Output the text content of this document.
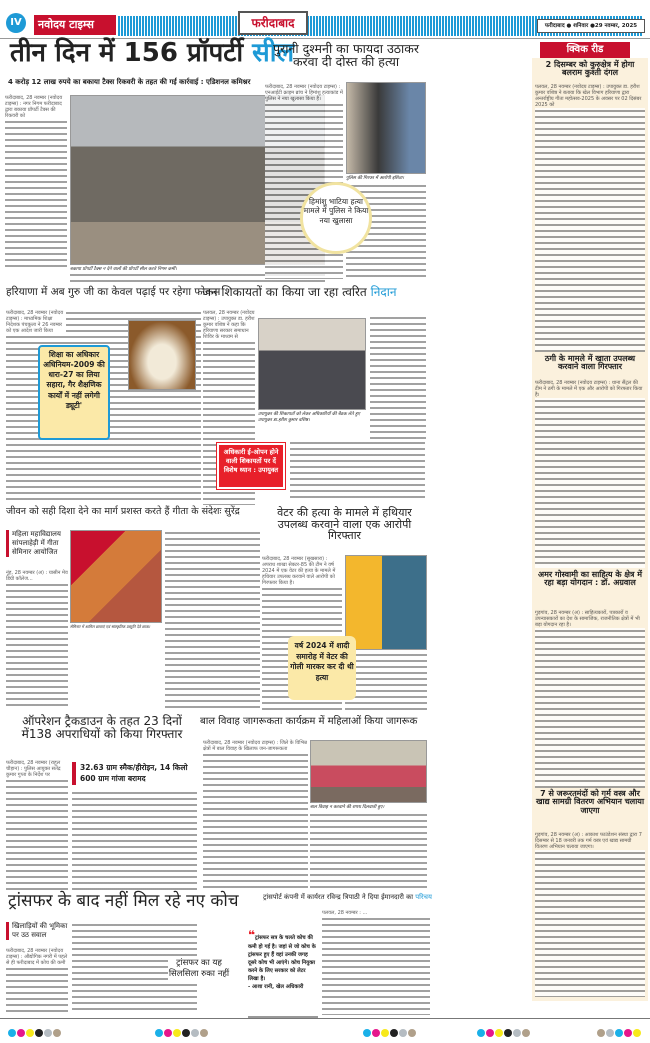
IV	नवोदय टाइम्स	फरीदाबाद	फरीदाबाद ● शनिवार ●29 नवम्बर, 2025
तीन दिन में 156 प्रॉपर्टी सील
4 करोड़ 12 लाख रुपये का बकाया टैक्स रिकवरी के तहत की गई कार्रवाई : एडिशनल कमिश्नर
फरीदाबाद, 28 नवम्बर (नवोदय टाइम्स) : नगर निगम फरीदाबाद द्वारा बकाया प्रॉपर्टी टैक्स की रिकवरी को
बकाया प्रॉपर्टी टैक्स न देने वालों की प्रॉपर्टी सील करते निगम कर्मी।
पुरानी दुश्मनी का फायदा उठाकर करवा दी दोस्त की हत्या
फरीदाबाद, 28 नवम्बर (नवोदय टाइम्स) : एनआईटी क्राइम ब्रांच ने हिमांशु हत्याकांड में पुलिस ने नया खुलासा किया है।
पुलिस की गिरफ्त में आरोपी इशिता।
हिमांशु भाटिया हत्या मामले में पुलिस ने किया नया खुलासा
क्विक रीड
2 दिसम्बर को कुरुक्षेत्र में होगा बलराम कुश्ती दंगल
पलवल, 28 नवम्बर (नवोदय टाइम्स) : उपायुक्त डा. हरीश कुमार वशिष्ठ ने बताया कि खेल विभाग हरियाणा द्वारा अन्तर्राष्ट्रीय गीता महोत्सव-2025 के अवसर पर 02 दिसंबर 2025 को
ठगी के मामले में खाता उपलब्ध करवाने वाला गिरफ्तार
फरीदाबाद, 28 नवम्बर (नवोदय टाइम्स) : थाना सैंट्रल की टीम ने ठगी के मामले में एक और आरोपी को गिरफ्तार किया है।
अमर गोस्वामी का साहित्य के क्षेत्र में रहा बड़ा योगदान : डॉ. अग्रवाल
गुड़गांव, 28 नवम्बर (अ) : साहित्यकारों, पत्रकारों व उपन्यासकारों का देश के सामाजिक, राजनीतिक क्षेत्रों में भी बड़ा योगदान रहा है।
7 से जरूरतमंदों को गर्म वस्त्र और खाद्य सामग्री वितरण अभियान चलाया जाएगा
गुड़गांव, 28 नवम्बर (अ) : आकाश फाउंडेशन संस्था द्वारा 7 दिसम्बर से 18 जनवरी तक गर्म वस्त्र एवं खाद्य सामग्री वितरण अभियान चलाया जाएगा।
हरियाणा में अब गुरु जी का केवल पढ़ाई पर रहेगा फोकस
फरीदाबाद, 28 नवम्बर (नवोदय टाइम्स) : माध्यमिक शिक्षा निदेशक पंचकूला ने 26 नवम्बर को एक आदेश जारी किया
शिक्षा का अधिकार अधिनियम-2009 की धारा-27 का लिया सहारा, गैर शैक्षणिक कार्यों में नहीं लगेगी ड्यूटी'
जन शिकायतों का किया जा रहा त्वरित निदान
पलवल, 28 नवम्बर (नवोदय टाइम्स) : उपायुक्त डा. हरीश कुमार वशिष्ठ ने कहा कि हरियाणा सरकार समाधान शिविर के माध्यम से
उपायुक्त की शिकायतों को लेकर अधिकारियों की बैठक लेते हुए उपायुक्त डा.हरीश कुमार वशिष्ठ।
अधिकारी ई-ओपन होने वाली शिकायतों पर दें विशेष ध्यान : उपायुक्त
जीवन को सही दिशा देने का मार्ग प्रशस्त करते हैं गीता के संदेशः सुरेंद्र
महिला महाविद्यालय सांपलाहेड़ी में गीता सेमिनार आयोजित
नूंह, 28 नवम्बर (अ) : यासीन मेव डिग्री कॉलेज...
सेमिनार में शामिल छात्राएं एवं सांस्कृतिक प्रस्तुति देते छात्रा।
वेटर की हत्या के मामले में हथियार उपलब्ध करवाने वाला एक आरोपी गिरफ्तार
फरीदाबाद, 28 नवम्बर (सुखसारा) : अपराध शाखा सेक्टर-85 की टीम ने वर्ष 2024 में एक वेटर की हत्या के मामले में हथियार उपलब्ध करवाने वाले आरोपी को गिरफ्तार किया है।
वर्ष 2024 में शादी समारोह में वेटर की गोली मारकर कर दी थी हत्या
ऑपरेशन ट्रैकडाउन के तहत 23 दिनों में138 अपराधियों को किया गिरफ्तार
फरीदाबाद, 28 नवम्बर (राहुल चौहान) : पुलिस आयुक्त सतेंद्र कुमार गुप्ता के निर्देश पर
32.63 ग्राम स्मैक/हीरोइन, 14 किलो 600 ग्राम गांजा बरामद
बाल विवाह जागरूकता कार्यक्रम में महिलाओं किया जागरूक
फरीदाबाद, 28 नवम्बर (नवोदय टाइम्स) : जिले के विभिन्न क्षेत्रों में बाल विवाह के खिलाफ जन-जागरूकता
बाल विवाह न करवाने की शपथ दिलवाती हुए।
ट्रांसफर के बाद नहीं मिल रहे नए कोच
खिलाड़ियों की भूमिका पर उठ सवाल
फरीदाबाद, 28 नवम्बर (नवोदय टाइम्स) : औद्योगिक नगरी में पहले से ही फरीदाबाद में कोच की कमी	ट्रांसफर का यह सिलसिला रुका नहीं
❝ट्रांसफर सत्र के चलते कोच की कमी हो गई है। जहां से जो कोच के ट्रांसफर हुए हैं वहां उनकी जगह दूसरे कोच भी आएंगे। कोच नियुक्त करने के लिए सरकार को लेटर लिखा है।
- आशा रानी, खेल अधिकारी
ट्रांसपोर्ट कंपनी में कार्यरत रविन्द्र त्रिपाठी ने दिया ईमानदारी का परिचय
पलवल, 28 नवम्बर : ...
